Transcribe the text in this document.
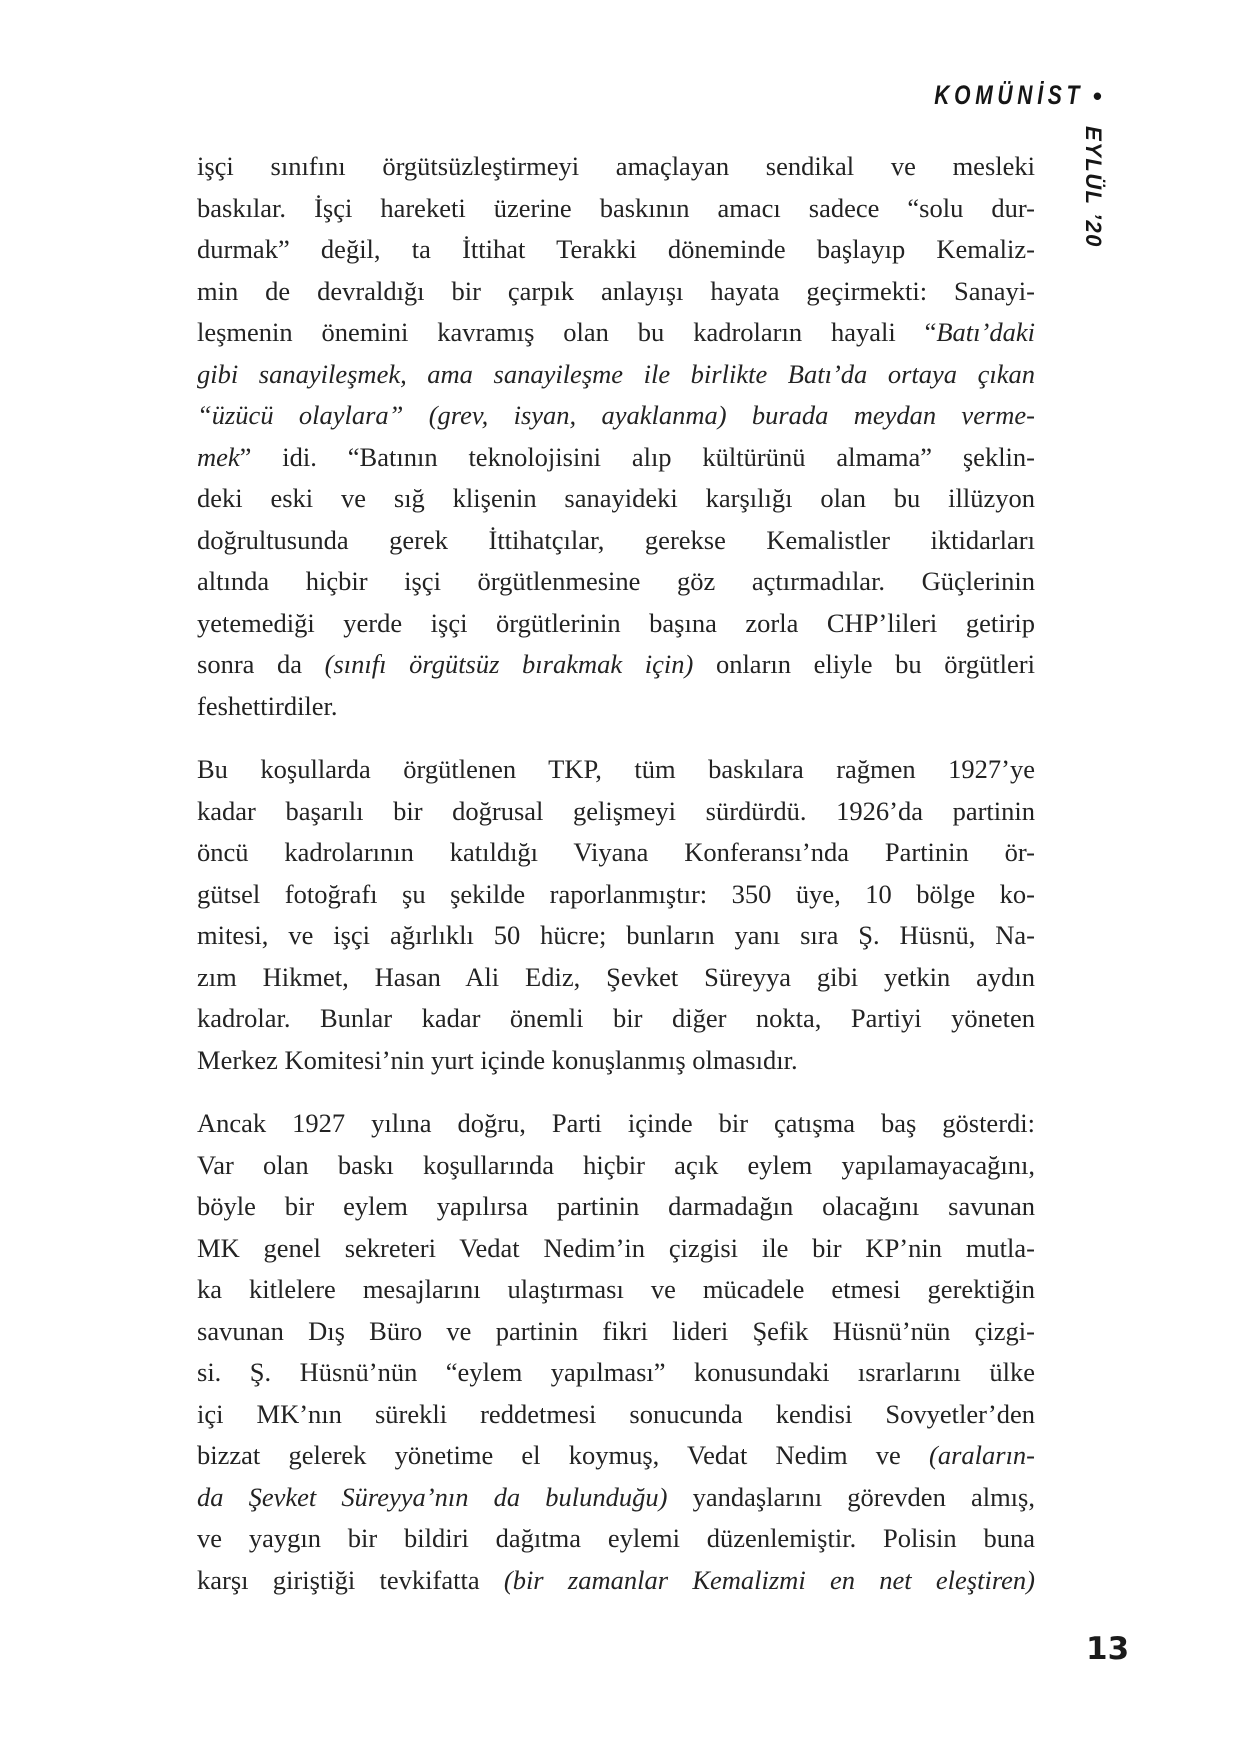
KOMÜNİST •
EYLÜL ’20
işçi sınıfını örgütsüzleştirmeyi amaçlayan sendikal ve mesleki
baskılar. İşçi hareketi üzerine baskının amacı sadece “solu dur-
durmak” değil, ta İttihat Terakki döneminde başlayıp Kemaliz-
min de devraldığı bir çarpık anlayışı hayata geçirmekti: Sanayi-
leşmenin önemini kavramış olan bu kadroların hayali “Batı’daki
gibi sanayileşmek, ama sanayileşme ile birlikte Batı’da ortaya çıkan
“üzücü olaylara” (grev, isyan, ayaklanma) burada meydan verme-
mek” idi. “Batının teknolojisini alıp kültürünü almama” şeklin-
deki eski ve sığ klişenin sanayideki karşılığı olan bu illüzyon
doğrultusunda gerek İttihatçılar, gerekse Kemalistler iktidarları
altında hiçbir işçi örgütlenmesine göz açtırmadılar. Güçlerinin
yetemediği yerde işçi örgütlerinin başına zorla CHP’lileri getirip
sonra da (sınıfı örgütsüz bırakmak için) onların eliyle bu örgütleri
feshettirdiler.
Bu koşullarda örgütlenen TKP, tüm baskılara rağmen 1927’ye
kadar başarılı bir doğrusal gelişmeyi sürdürdü. 1926’da partinin
öncü kadrolarının katıldığı Viyana Konferansı’nda Partinin ör-
gütsel fotoğrafı şu şekilde raporlanmıştır: 350 üye, 10 bölge ko-
mitesi, ve işçi ağırlıklı 50 hücre; bunların yanı sıra Ş. Hüsnü, Na-
zım Hikmet, Hasan Ali Ediz, Şevket Süreyya gibi yetkin aydın
kadrolar. Bunlar kadar önemli bir diğer nokta, Partiyi yöneten
Merkez Komitesi’nin yurt içinde konuşlanmış olmasıdır.
Ancak 1927 yılına doğru, Parti içinde bir çatışma baş gösterdi:
Var olan baskı koşullarında hiçbir açık eylem yapılamayacağını,
böyle bir eylem yapılırsa partinin darmadağın olacağını savunan
MK genel sekreteri Vedat Nedim’in çizgisi ile bir KP’nin mutla-
ka kitlelere mesajlarını ulaştırması ve mücadele etmesi gerektiğin
savunan Dış Büro ve partinin fikri lideri Şefik Hüsnü’nün çizgi-
si. Ş. Hüsnü’nün “eylem yapılması” konusundaki ısrarlarını ülke
içi MK’nın sürekli reddetmesi sonucunda kendisi Sovyetler’den
bizzat gelerek yönetime el koymuş, Vedat Nedim ve (araların-
da Şevket Süreyya’nın da bulunduğu) yandaşlarını görevden almış,
ve yaygın bir bildiri dağıtma eylemi düzenlemiştir. Polisin buna
karşı giriştiği tevkifatta (bir zamanlar Kemalizmi en net eleştiren)
13
